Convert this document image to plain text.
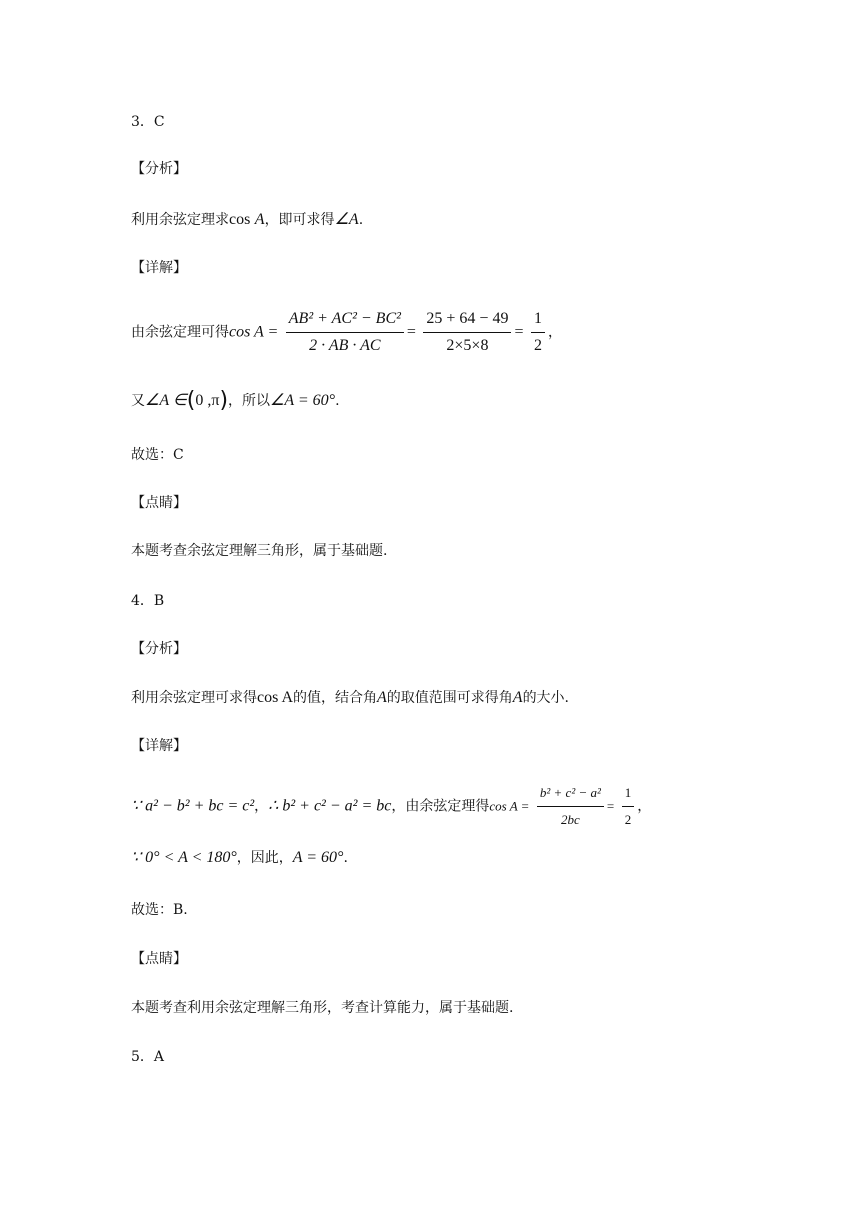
3．C
【分析】
利用余弦定理求cos A，即可求得∠A.
【详解】
由余弦定理可得$\cos A = \frac{\text{AB² + AC² − BC²}}{2 \cdot AB \cdot AC} = \frac{25 + 64 - 49}{2\times 5\times 8} = \frac{1}{2}$ ，
又∠A ∈(0 ,π)，所以∠A = 60°.
故选：C
【点睛】
本题考查余弦定理解三角形，属于基础题.
4．B
【分析】
利用余弦定理可求得cos A的值，结合角A的取值范围可求得角A的大小.
【详解】
∵ a² − b² + bc = c²，∴ b² + c² − a² = bc，由余弦定理得$\cos A = \frac{\text{b² + c² − a²}}{2bc} = \frac{1}{2}$ ，
∵ 0° < A < 180°，因此，A = 60°.
故选：B.
【点睛】
本题考查利用余弦定理解三角形，考查计算能力，属于基础题.
5．A
